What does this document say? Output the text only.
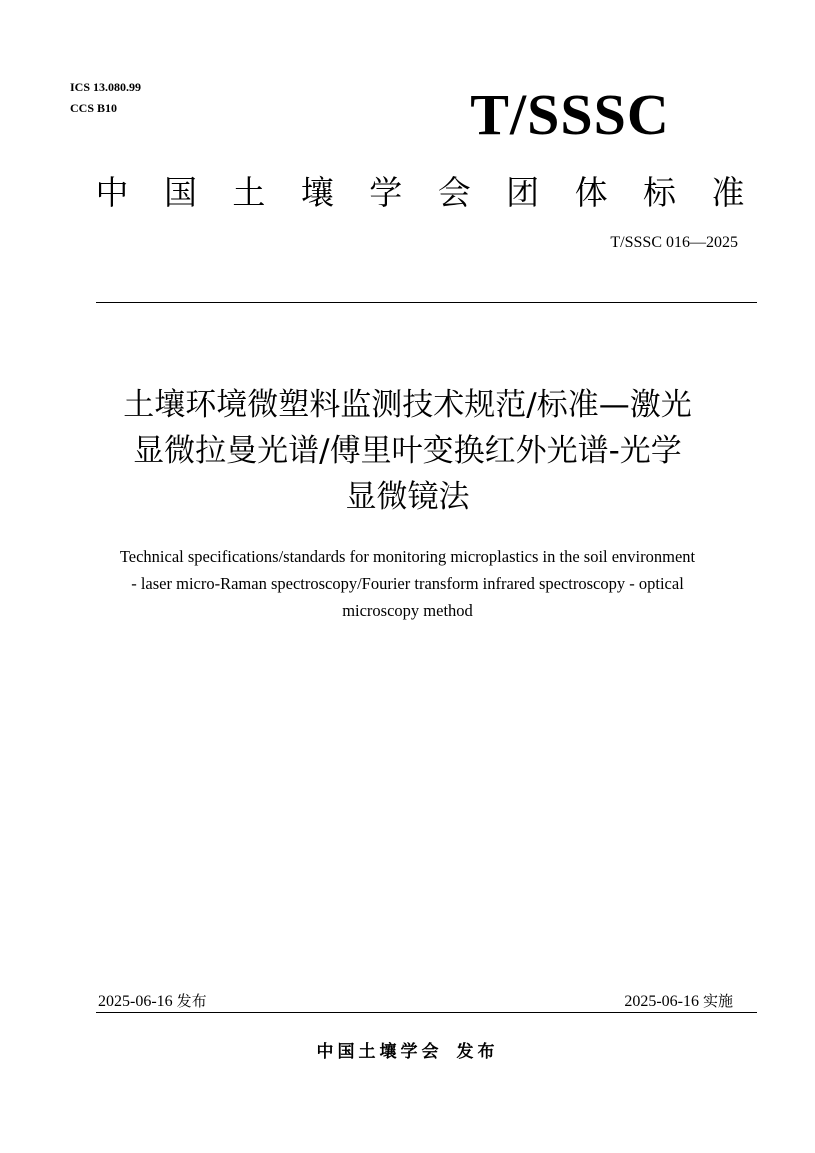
ICS 13.080.99
CCS B10	T/SSSC
中 国 土 壤 学 会 团 体 标 准
T/SSSC 016—2025
土壤环境微塑料监测技术规范/标准—激光
显微拉曼光谱/傅里叶变换红外光谱-光学
显微镜法
Technical specifications/standards for monitoring microplastics in the soil environment
- laser micro-Raman spectroscopy/Fourier transform infrared spectroscopy - optical
microscopy method
2025-06-16 发布	2025-06-16 实施
中国土壤学会 发布
